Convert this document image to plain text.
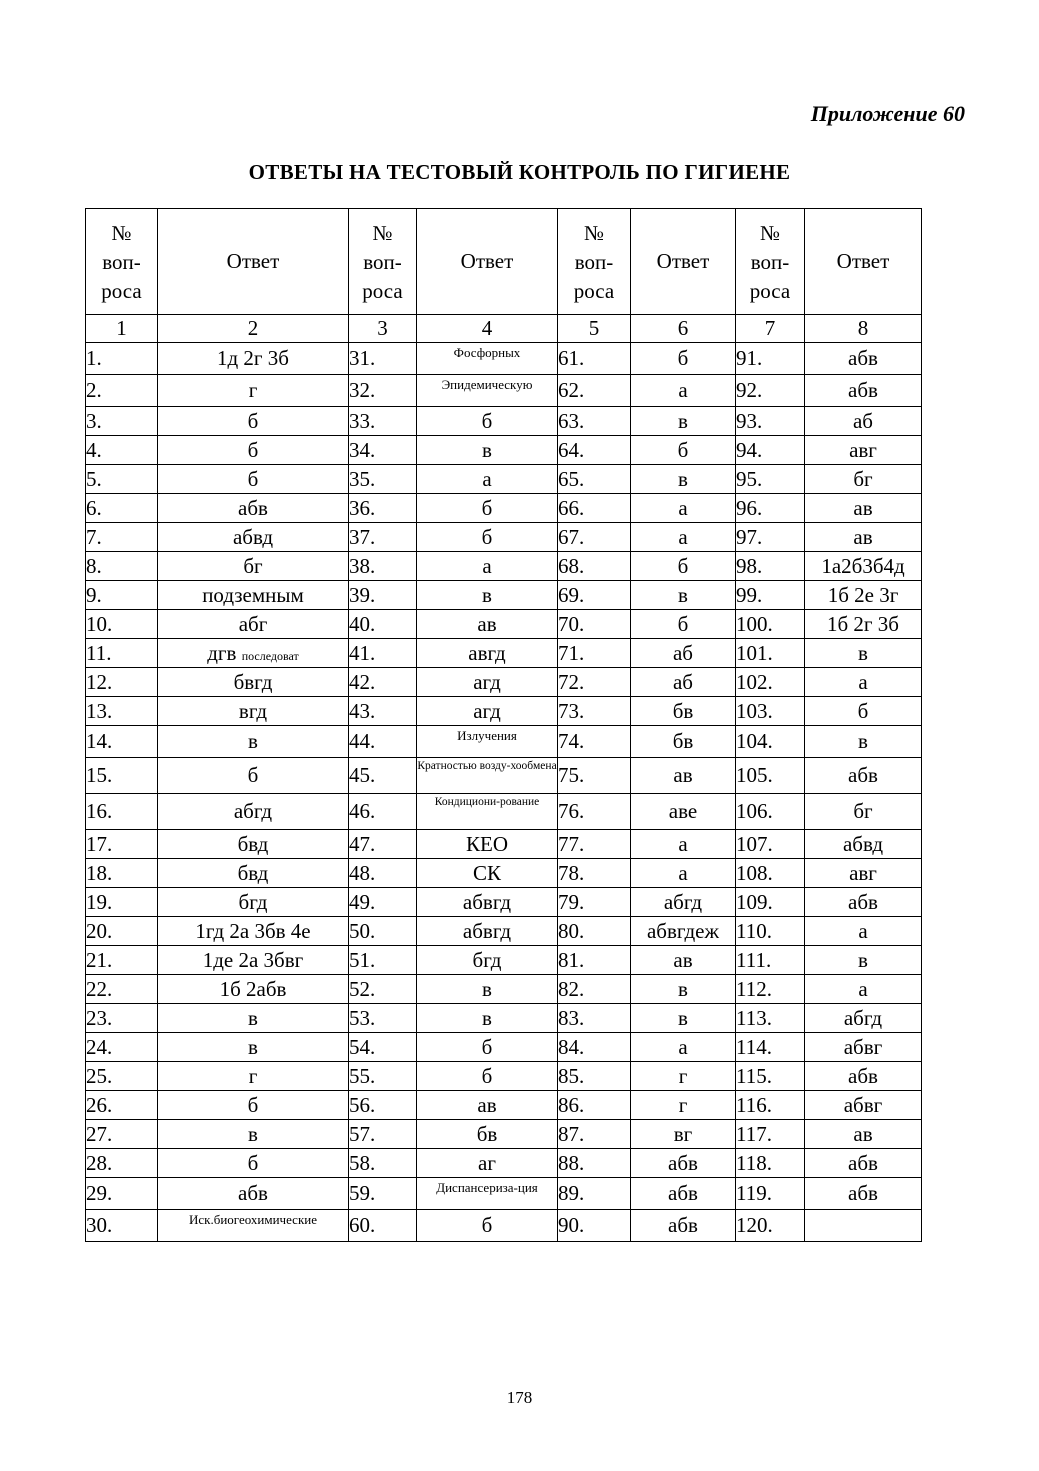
Приложение 60
ОТВЕТЫ НА ТЕСТОВЫЙ КОНТРОЛЬ ПО ГИГИЕНЕ
№
воп-
роса	Ответ	№
воп-
роса	Ответ	№
воп-
роса	Ответ	№
воп-
роса	Ответ
1	2	3	4	5	6	7	8
1.	1д 2г 3б	31.	Фосфорных	61.	б	91.	абв
2.	г	32.	Эпидемическую	62.	а	92.	абв
3.	б	33.	б	63.	в	93.	аб
4.	б	34.	в	64.	б	94.	авг
5.	б	35.	а	65.	в	95.	бг
6.	абв	36.	б	66.	а	96.	ав
7.	абвд	37.	б	67.	а	97.	ав
8.	бг	38.	а	68.	б	98.	1а2б3б4д
9.	подземным	39.	в	69.	в	99.	1б 2е 3г
10.	абг	40.	ав	70.	б	100.	1б 2г 3б
11.	дгв последоват	41.	авгд	71.	аб	101.	в
12.	бвгд	42.	агд	72.	аб	102.	а
13.	вгд	43.	агд	73.	бв	103.	б
14.	в	44.	Излучения	74.	бв	104.	в
15.	б	45.	Кратностью возду-хообмена	75.	ав	105.	абв
16.	абгд	46.	Кондициони-рование	76.	аве	106.	бг
17.	бвд	47.	КЕО	77.	а	107.	абвд
18.	бвд	48.	СК	78.	а	108.	авг
19.	бгд	49.	абвгд	79.	абгд	109.	абв
20.	1гд 2а 3бв 4е	50.	абвгд	80.	абвгдеж	110.	а
21.	1де 2а 3бвг	51.	бгд	81.	ав	111.	в
22.	1б 2абв	52.	в	82.	в	112.	а
23.	в	53.	в	83.	в	113.	абгд
24.	в	54.	б	84.	а	114.	абвг
25.	г	55.	б	85.	г	115.	абв
26.	б	56.	ав	86.	г	116.	абвг
27.	в	57.	бв	87.	вг	117.	ав
28.	б	58.	аг	88.	абв	118.	абв
29.	абв	59.	Диспансериза-ция	89.	абв	119.	абв
30.	Иск.биогеохимические	60.	б	90.	абв	120.	
178
